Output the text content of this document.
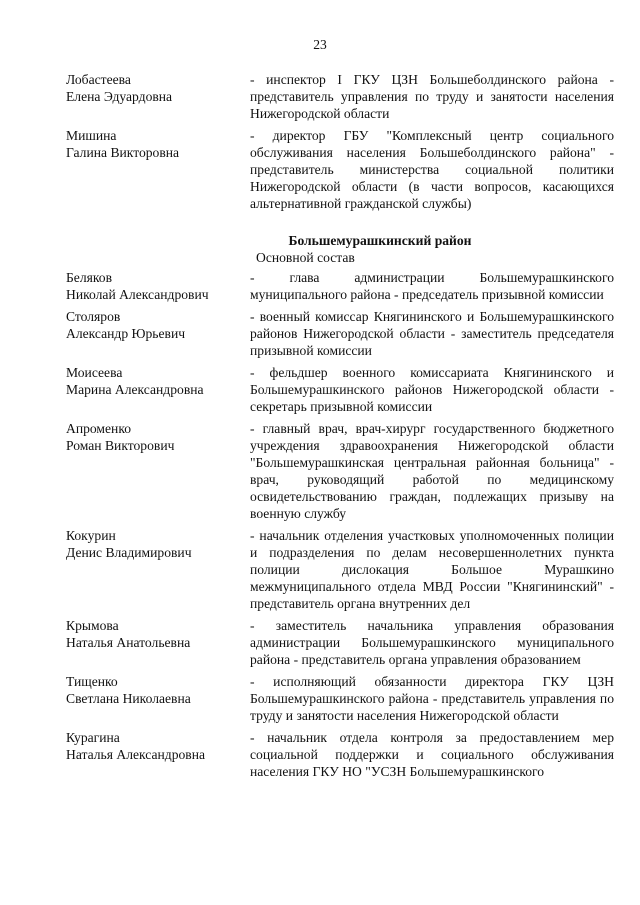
23
Лобастеева
Елена Эдуардовна
- инспектор I ГКУ ЦЗН Большеболдинского района - представитель управления по труду и занятости населения Нижегородской области
Мишина
Галина Викторовна
- директор ГБУ "Комплексный центр социального обслуживания населения Большеболдинского района" - представитель министерства социальной политики Нижегородской области (в части вопросов, касающихся альтернативной гражданской службы)
Большемурашкинский район
Основной состав
Беляков
Николай Александрович
- глава администрации Большемурашкинского муниципального района - председатель призывной комиссии
Столяров
Александр Юрьевич
- военный комиссар Княгининского и Большемурашкинского районов Нижегородской области - заместитель председателя призывной комиссии
Моисеева
Марина Александровна
- фельдшер военного комиссариата Княгининского и Большемурашкинского районов Нижегородской области - секретарь призывной комиссии
Апроменко
Роман Викторович
- главный врач, врач-хирург государственного бюджетного учреждения здравоохранения Нижегородской области "Большемурашкинская центральная районная больница" - врач, руководящий работой по медицинскому освидетельствованию граждан, подлежащих призыву на военную службу
Кокурин
Денис Владимирович
- начальник отделения участковых уполномоченных полиции и подразделения по делам несовершеннолетних пункта полиции дислокация Большое Мурашкино межмуниципального отдела МВД России "Княгининский" - представитель органа внутренних дел
Крымова
Наталья Анатольевна
- заместитель начальника управления образования администрации Большемурашкинского муниципального района - представитель органа управления образованием
Тищенко
Светлана Николаевна
- исполняющий обязанности директора ГКУ ЦЗН Большемурашкинского района - представитель управления по труду и занятости населения Нижегородской области
Курагина
Наталья Александровна
- начальник отдела контроля за предоставлением мер социальной поддержки и социального обслуживания населения ГКУ НО "УСЗН Большемурашкинского
